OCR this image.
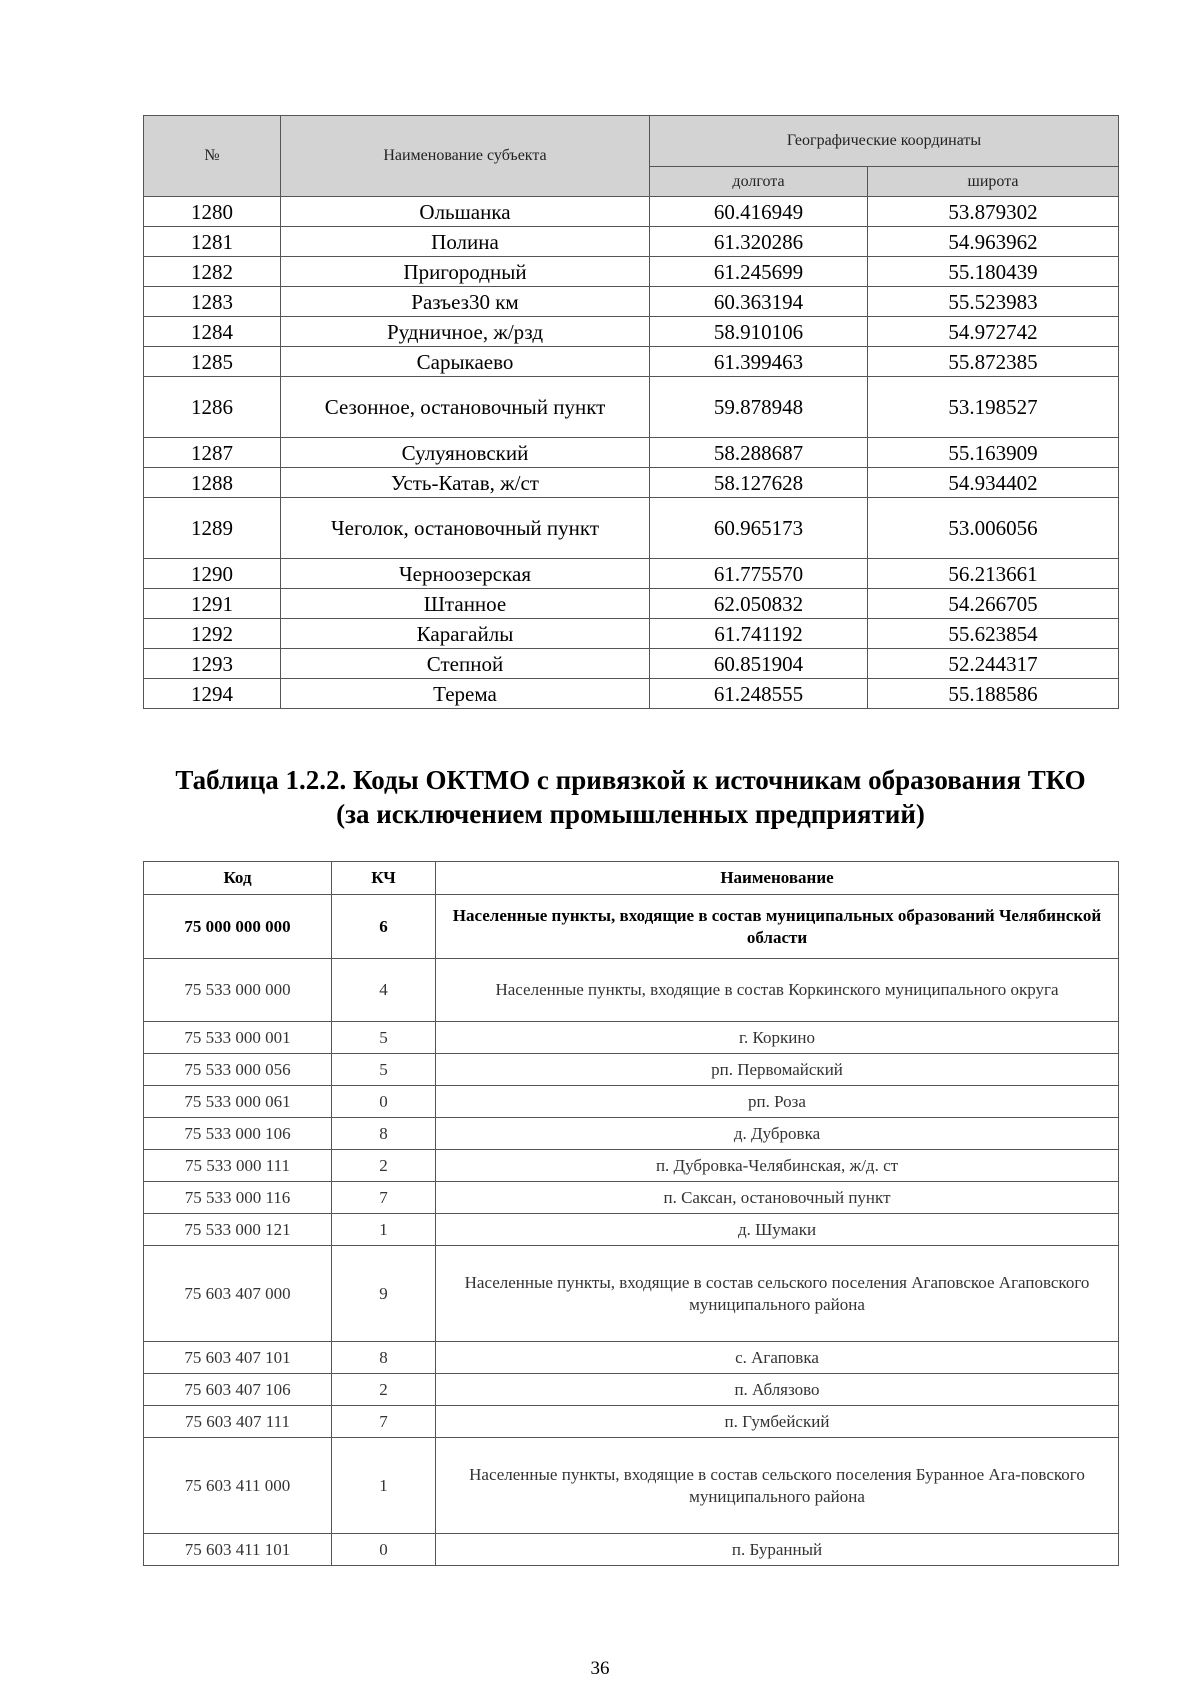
№	Наименование субъекта	Географические координаты	
		долгота	широта
1280	Ольшанка	60.416949	53.879302
1281	Полина	61.320286	54.963962
1282	Пригородный	61.245699	55.180439
1283	Разъез30 км	60.363194	55.523983
1284	Рудничное, ж/рзд	58.910106	54.972742
1285	Сарыкаево	61.399463	55.872385
1286	Сезонное, остановочный пункт	59.878948	53.198527
1287	Сулуяновский	58.288687	55.163909
1288	Усть-Катав, ж/ст	58.127628	54.934402
1289	Чеголок, остановочный пункт	60.965173	53.006056
1290	Черноозерская	61.775570	56.213661
1291	Штанное	62.050832	54.266705
1292	Карагайлы	61.741192	55.623854
1293	Степной	60.851904	52.244317
1294	Терема	61.248555	55.188586
Таблица 1.2.2. Коды ОКТМО с привязкой к источникам образования ТКО
(за исключением промышленных предприятий)
Код	КЧ	Наименование
75 000 000 000	6	Населенные пункты, входящие в состав муниципальных образований Челябинской области
75 533 000 000	4	Населенные пункты, входящие в состав Коркинского муниципального округа
75 533 000 001	5	г. Коркино
75 533 000 056	5	рп. Первомайский
75 533 000 061	0	рп. Роза
75 533 000 106	8	д. Дубровка
75 533 000 111	2	п. Дубровка-Челябинская, ж/д. ст
75 533 000 116	7	п. Саксан, остановочный пункт
75 533 000 121	1	д. Шумаки
75 603 407 000	9	Населенные пункты, входящие в состав сельского поселения Агаповское Агаповского муниципального района
75 603 407 101	8	с. Агаповка
75 603 407 106	2	п. Аблязово
75 603 407 111	7	п. Гумбейский
75 603 411 000	1	Населенные пункты, входящие в состав сельского поселения Буранное Ага-повского муниципального района
75 603 411 101	0	п. Буранный
36
